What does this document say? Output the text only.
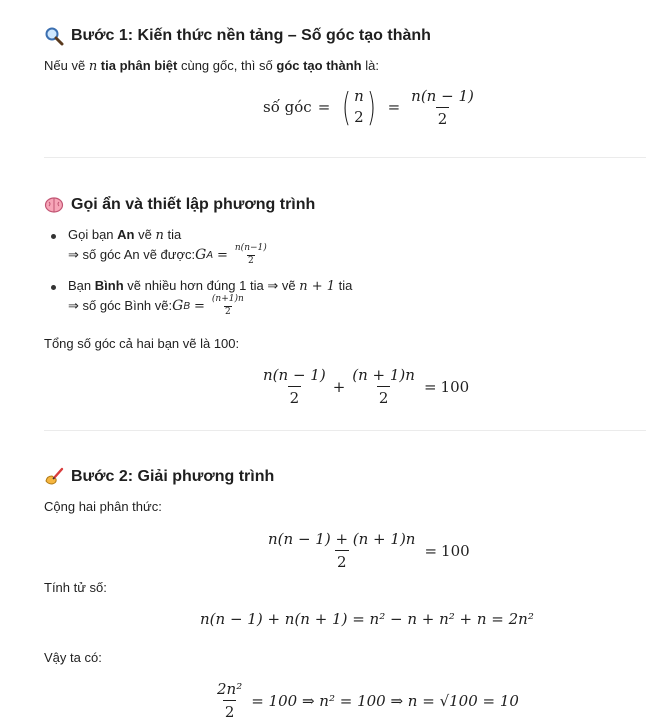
Bước 1: Kiến thức nền tảng – Số góc tạo thành
Nếu vẽ n tia phân biệt cùng gốc, thì số góc tạo thành là:
số góc = ( n
2 ) = $\frac{n(n - 1)}{2}$
Gọi ẩn và thiết lập phương trình
Gọi bạn An vẽ n tia
⇒ số góc An vẽ được: G $A = \frac{n(n-1)}{2}$
Bạn Bình vẽ nhiều hơn đúng 1 tia ⇒ vẽ n + 1 tia
⇒ số góc Bình vẽ: G $B = \frac{(n+1)n}{2}$
Tổng số góc cả hai bạn vẽ là 100:
$\frac{n(n - 1)}{2} + \frac{(n + 1)n}{2} = 100$
Bước 2: Giải phương trình
Cộng hai phân thức:
$\frac{n(n - 1) + (n + 1)n}{2} = 100$
Tính tử số:
n(n − 1) + n(n + 1) = n² − n + n² + n = 2n²
Vậy ta có:
$\frac{\text{2n²}}{2} = 100$ ⇒ n² = 100 ⇒ n = √100 = 10
